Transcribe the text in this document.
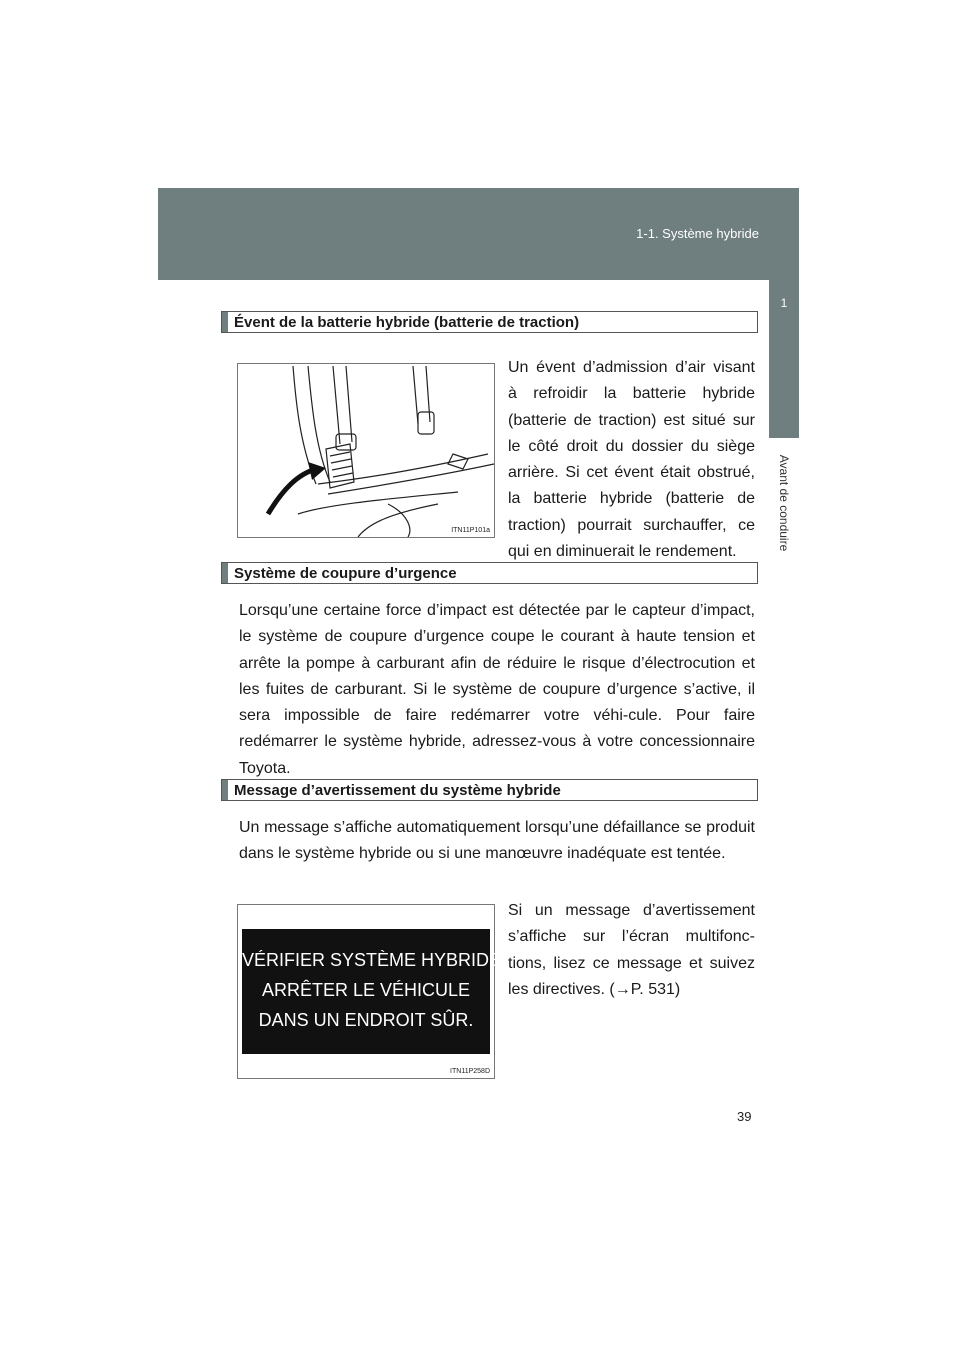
1-1. Système hybride
1
Avant de conduire
Évent de la batterie hybride (batterie de traction)
ITN11P101a

Un évent d’admission d’air visant à refroidir la batterie hybride (batterie de traction) est situé sur le côté droit du dossier du siège arrière. Si cet évent était obstrué, la batterie hybride (batterie de traction) pourrait surchauffer, ce qui en diminuerait le rendement.

Système de coupure d’urgence

Lorsqu’une certaine force d’impact est détectée par le capteur d’impact, le système de coupure d’urgence coupe le courant à haute tension et arrête la pompe à carburant afin de réduire le risque d’électrocution et les fuites de carburant. Si le système de coupure d’urgence s’active, il sera impossible de faire redémarrer votre véhi-cule. Pour faire redémarrer le système hybride, adressez-vous à votre concessionnaire Toyota.

Message d’avertissement du système hybride

Un message s’affiche automatiquement lorsqu’une défaillance se produit dans le système hybride ou si une manœuvre inadéquate est tentée.

VÉRIFIER SYSTÈME HYBRIDE
ARRÊTER LE VÉHICULE
DANS UN ENDROIT SÛR.
ITN11P258D

Si un message d’avertissement s’affiche sur l’écran multifonc-tions, lisez ce message et suivez les directives. (→P. 531)

39
